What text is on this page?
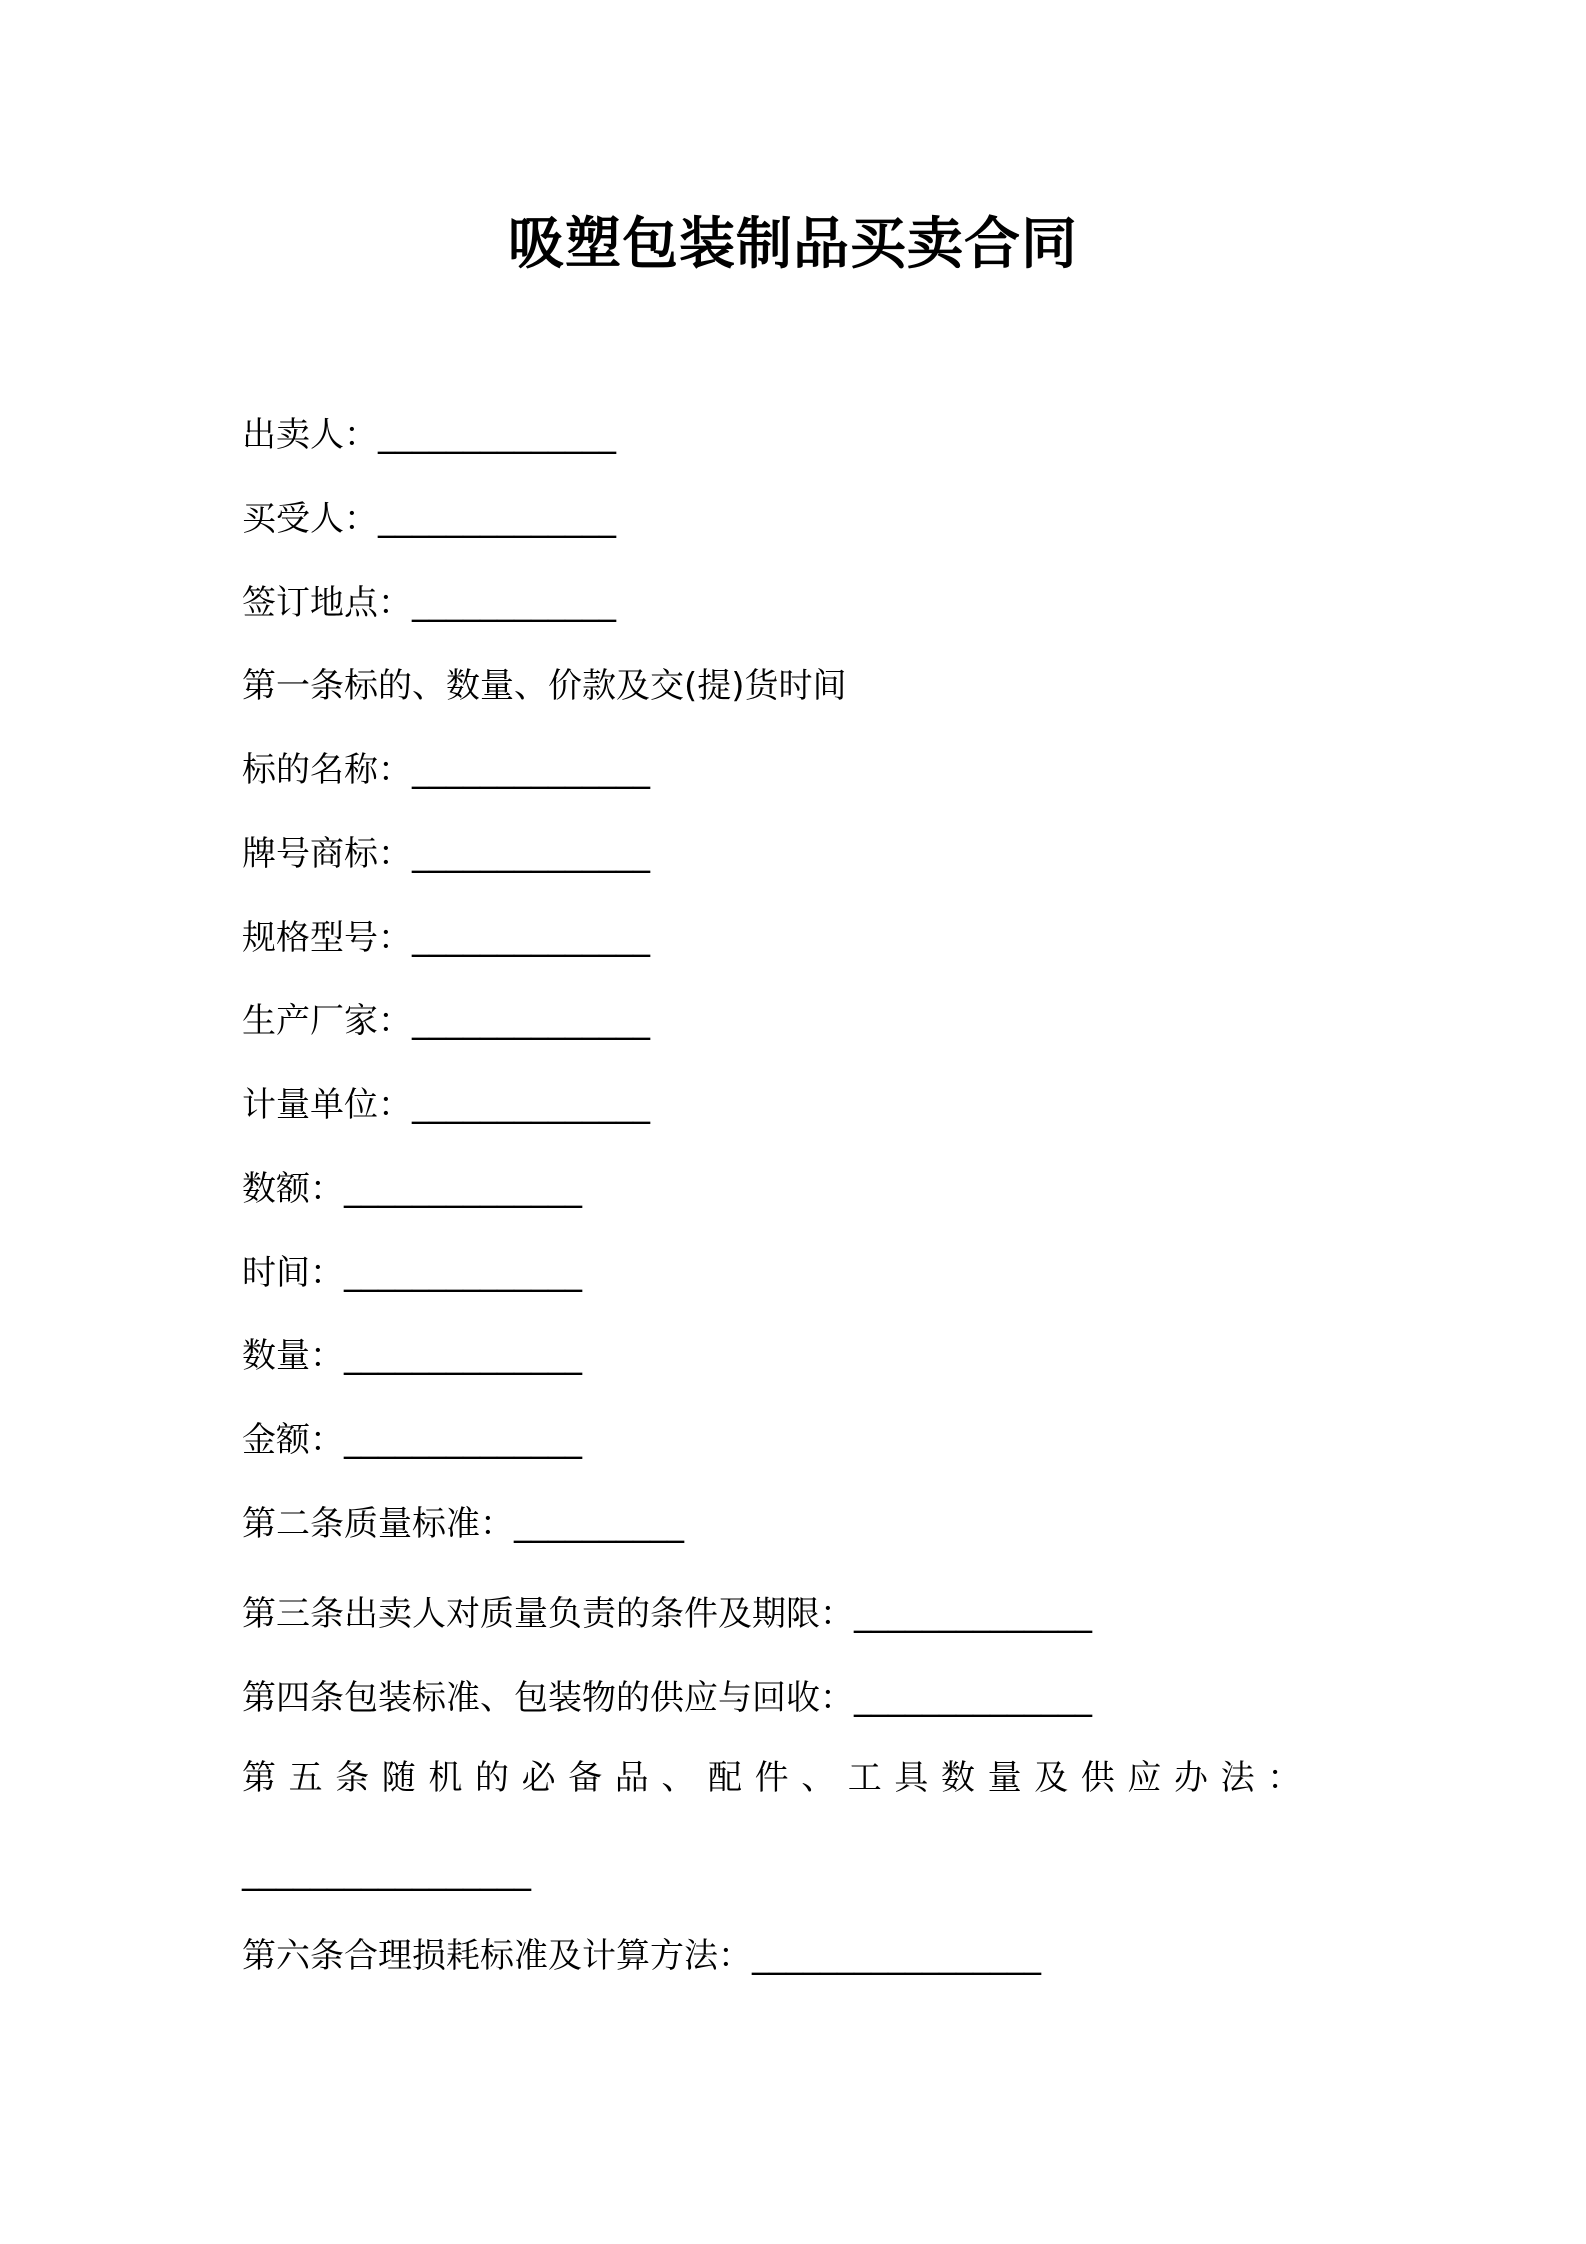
吸塑包装制品买卖合同

出卖人：______________

买受人：______________

签订地点：____________

第一条标的、数量、价款及交(提)货时间

标的名称：______________

牌号商标：______________

规格型号：______________

生产厂家：______________

计量单位：______________

数额：______________

时间：______________

数量：______________

金额：______________

第二条质量标准：__________

第三条出卖人对质量负责的条件及期限：______________

第四条包装标准、包装物的供应与回收：______________

第五条随机的必备品、配件、工具数量及供应办法：

_________________

第六条合理损耗标准及计算方法：_________________
